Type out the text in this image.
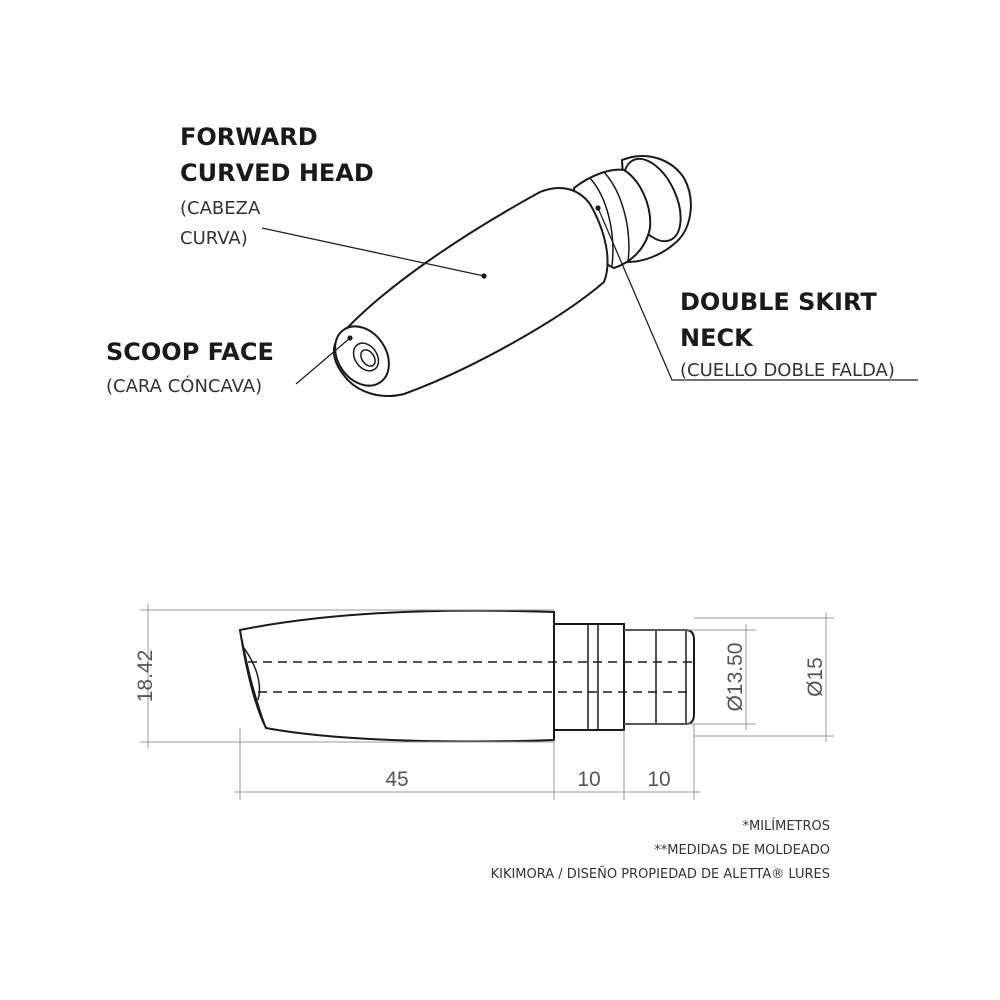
FORWARD
CURVED HEAD
(CABEZA
CURVA)
SCOOP FACE
(CARA CÓNCAVA)
DOUBLE SKIRT
NECK
(CUELLO DOBLE FALDA)
18.42	Ø13.50	Ø15
45	10 10
*MILÍMETROS
**MEDIDAS DE MOLDEADO
KIKIMORA / DISEÑO PROPIEDAD DE ALETTA® LURES
